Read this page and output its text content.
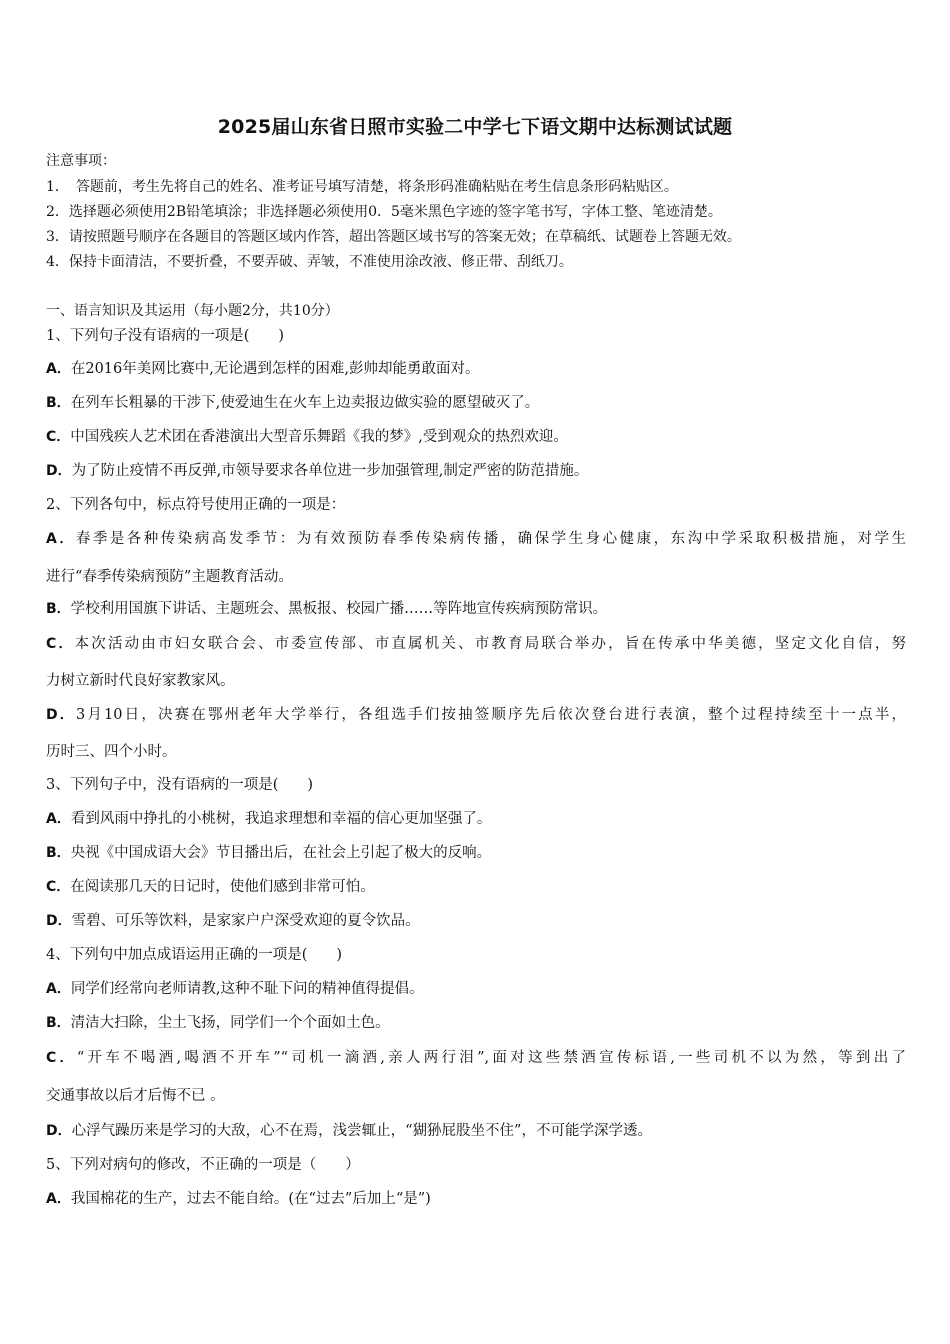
2025届山东省日照市实验二中学七下语文期中达标测试试题
注意事项：
1．　答题前，考生先将自己的姓名、准考证号填写清楚，将条形码准确粘贴在考生信息条形码粘贴区。
2．选择题必须使用2B铅笔填涂；非选择题必须使用0．5毫米黑色字迹的签字笔书写，字体工整、笔迹清楚。
3．请按照题号顺序在各题目的答题区域内作答，超出答题区域书写的答案无效；在草稿纸、试题卷上答题无效。
4．保持卡面清洁，不要折叠，不要弄破、弄皱，不准使用涂改液、修正带、刮纸刀。
一、语言知识及其运用（每小题2分，共10分）
1、下列句子没有语病的一项是(　　)
A．在2016年美网比赛中,无论遇到怎样的困难,彭帅却能勇敢面对。
B．在列车长粗暴的干涉下,使爱迪生在火车上边卖报边做实验的愿望破灭了。
C．中国残疾人艺术团在香港演出大型音乐舞蹈《我的梦》,受到观众的热烈欢迎。
D．为了防止疫情不再反弹,市领导要求各单位进一步加强管理,制定严密的防范措施。
2、下列各句中，标点符号使用正确的一项是：
A．春季是各种传染病高发季节：为有效预防春季传染病传播，确保学生身心健康，东沟中学采取积极措施，对学生
进行“春季传染病预防”主题教育活动。
B．学校利用国旗下讲话、主题班会、黑板报、校园广播……等阵地宣传疾病预防常识。
C．本次活动由市妇女联合会、市委宣传部、市直属机关、市教育局联合举办，旨在传承中华美德，坚定文化自信，努
力树立新时代良好家教家风。
D．3月10日，决赛在鄂州老年大学举行，各组选手们按抽签顺序先后依次登台进行表演，整个过程持续至十一点半，
历时三、四个小时。
3、下列句子中，没有语病的一项是(　　)
A．看到风雨中挣扎的小桃树，我追求理想和幸福的信心更加坚强了。
B．央视《中国成语大会》节目播出后，在社会上引起了极大的反响。
C．在阅读那几天的日记时，使他们感到非常可怕。
D．雪碧、可乐等饮料，是家家户户深受欢迎的夏令饮品。
4、下列句中加点成语运用正确的一项是(　　)
A．同学们经常向老师请教,这种不耻下问的精神值得提倡。
B．清洁大扫除，尘土飞扬，同学们一个个面如土色。
C．“开车不喝酒,喝酒不开车”“司机一滴酒,亲人两行泪”,面对这些禁酒宣传标语,一些司机不以为然，等到出了
交通事故以后才后悔不已 。
D．心浮气躁历来是学习的大敌，心不在焉，浅尝辄止，“猢狲屁股坐不住”，不可能学深学透。
5、下列对病句的修改，不正确的一项是（　　）
A．我国棉花的生产，过去不能自给。(在“过去”后加上“是”)
